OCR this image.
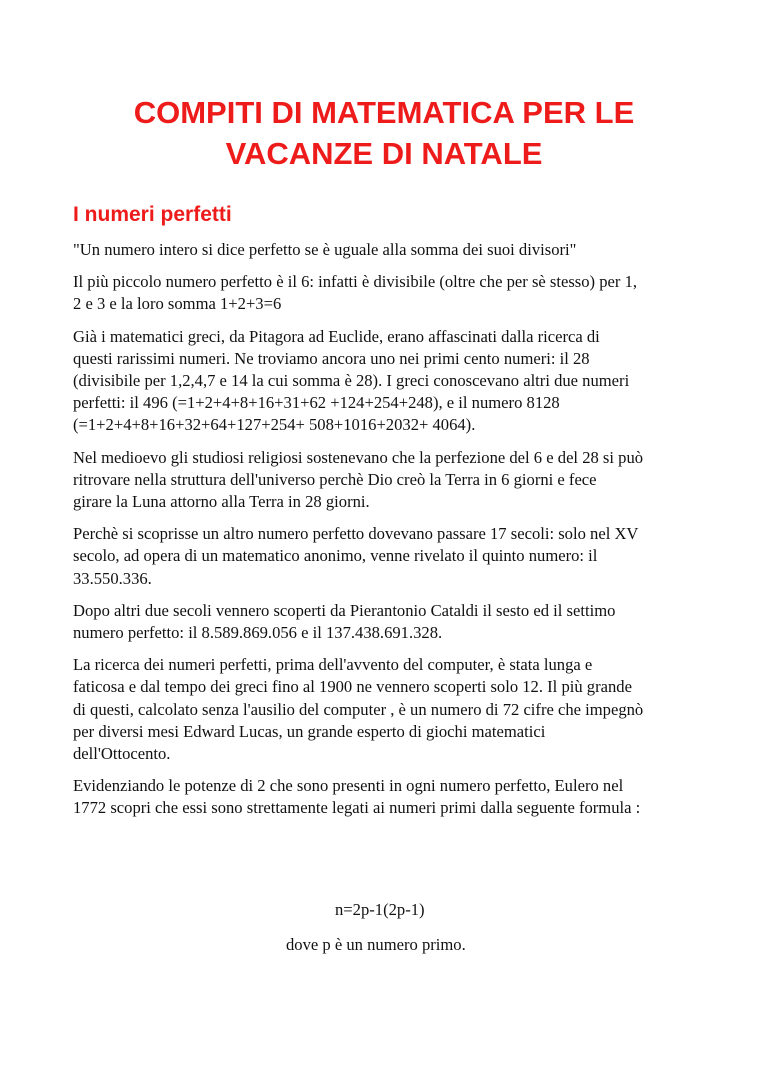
COMPITI DI MATEMATICA PER LE
VACANZE DI NATALE
I numeri perfetti

"Un numero intero si dice perfetto se è uguale alla somma dei suoi divisori"

Il più piccolo numero perfetto è il 6: infatti è divisibile (oltre che per sè stesso) per 1,
2 e 3 e la loro somma 1+2+3=6

Già i matematici greci, da Pitagora ad Euclide, erano affascinati dalla ricerca di
questi rarissimi numeri. Ne troviamo ancora uno nei primi cento numeri: il 28
(divisibile per 1,2,4,7 e 14 la cui somma è 28). I greci conoscevano altri due numeri
perfetti: il 496 (=1+2+4+8+16+31+62 +124+254+248), e il numero 8128
(=1+2+4+8+16+32+64+127+254+ 508+1016+2032+ 4064).

Nel medioevo gli studiosi religiosi sostenevano che la perfezione del 6 e del 28 si può
ritrovare nella struttura dell'universo perchè Dio creò la Terra in 6 giorni e fece
girare la Luna attorno alla Terra in 28 giorni.

Perchè si scoprisse un altro numero perfetto dovevano passare 17 secoli: solo nel XV
secolo, ad opera di un matematico anonimo, venne rivelato il quinto numero: il
33.550.336.

Dopo altri due secoli vennero scoperti da Pierantonio Cataldi il sesto ed il settimo
numero perfetto: il 8.589.869.056 e il 137.438.691.328.

La ricerca dei numeri perfetti, prima dell'avvento del computer, è stata lunga e
faticosa e dal tempo dei greci fino al 1900 ne vennero scoperti solo 12. Il più grande
di questi, calcolato senza l'ausilio del computer , è un numero di 72 cifre che impegnò
per diversi mesi Edward Lucas, un grande esperto di giochi matematici
dell'Ottocento.

Evidenziando le potenze di 2 che sono presenti in ogni numero perfetto, Eulero nel
1772 scopri che essi sono strettamente legati ai numeri primi dalla seguente formula :

n=2p-1(2p-1)
dove p è un numero primo.
